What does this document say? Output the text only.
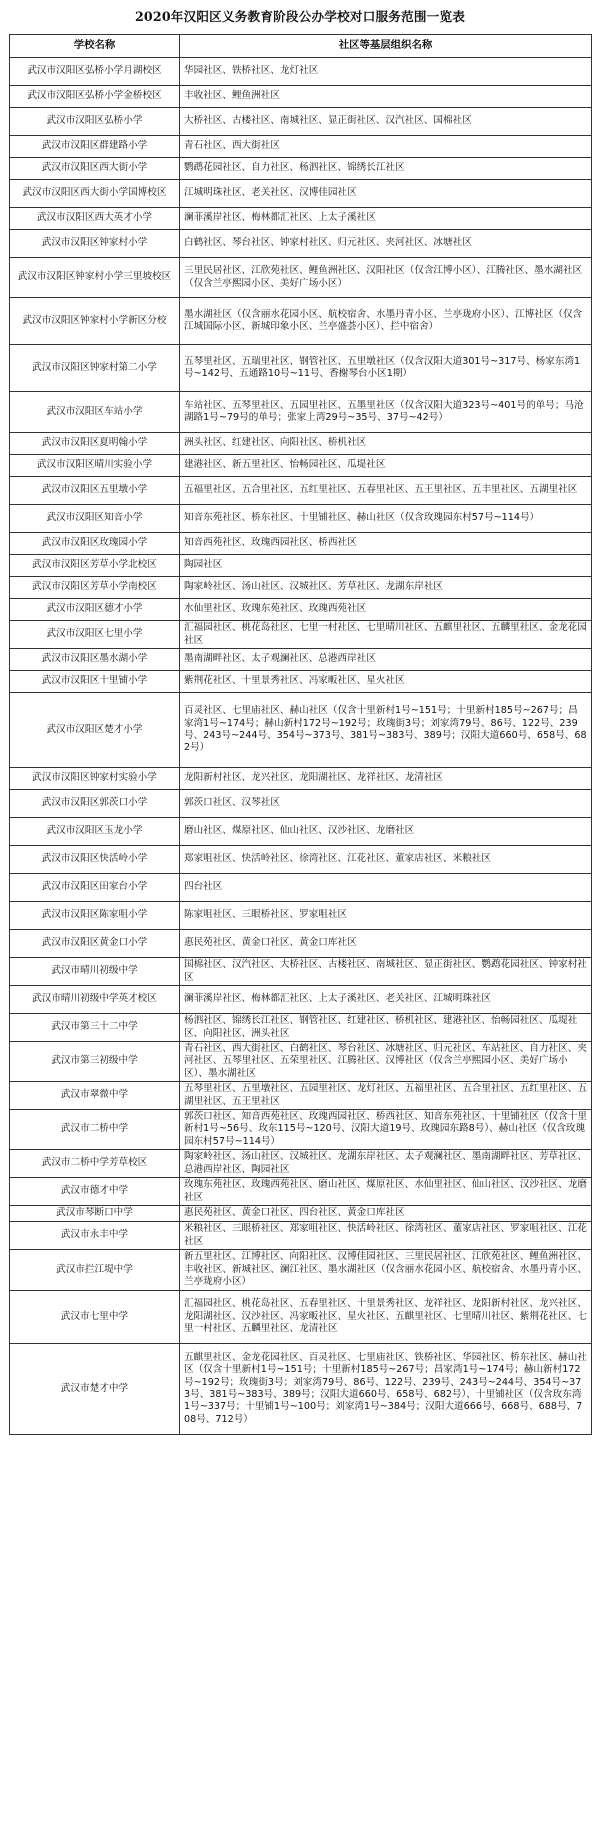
2020年汉阳区义务教育阶段公办学校对口服务范围一览表
学校名称	社区等基层组织名称
武汉市汉阳区弘桥小学月湖校区	华园社区、铁桥社区、龙灯社区
武汉市汉阳区弘桥小学金桥校区	丰收社区、鲤鱼洲社区
武汉市汉阳区弘桥小学	大桥社区、古楼社区、南城社区、显正街社区、汉汽社区、国棉社区
武汉市汉阳区群建路小学	青石社区、西大街社区
武汉市汉阳区西大街小学	鹦鹉花园社区、自力社区、杨泗社区、锦绣长江社区
武汉市汉阳区西大街小学国博校区	江城明珠社区、老关社区、汉博佳园社区
武汉市汉阳区西大英才小学	澜菲溪岸社区、梅林都汇社区、上太子溪社区
武汉市汉阳区钟家村小学	白鹤社区、琴台社区、钟家村社区、归元社区、夹河社区、冰塘社区
武汉市汉阳区钟家村小学三里坡校区	三里民居社区、江欣苑社区、鲤鱼洲社区、汉阳社区（仅含江博小区）、江腾社区、墨水湖社区（仅含兰亭熙园小区、美好广场小区）
武汉市汉阳区钟家村小学新区分校	墨水湖社区（仅含丽水花园小区、航校宿舍、水墨丹青小区、兰亭珑府小区）、江博社区（仅含江城国际小区、新城印象小区、兰亭盛荟小区）、拦中宿舍）
武汉市汉阳区钟家村第二小学	五琴里社区、五瑞里社区、钢管社区、五里墩社区（仅含汉阳大道301号~317号、杨家东湾1号~142号、五通路10号~11号、香榭琴台小区1期）
武汉市汉阳区车站小学	车站社区、五琴里社区、五园里社区、五墨里社区（仅含汉阳大道323号~401号的单号；马沧湖路1号~79号的单号；张家上湾29号~35号、37号~42号）
武汉市汉阳区夏明翰小学	洲头社区、红建社区、向阳社区、桥机社区
武汉市汉阳区晴川实验小学	建港社区、新五里社区、怡畅园社区、瓜堤社区
武汉市汉阳区五里墩小学	五福里社区、五合里社区、五红里社区、五春里社区、五王里社区、五丰里社区、五湖里社区
武汉市汉阳区知音小学	知音东苑社区、桥东社区、十里铺社区、赫山社区（仅含玫瑰园东村57号~114号）
武汉市汉阳区玫瑰园小学	知音西苑社区、玫瑰西园社区、桥西社区
武汉市汉阳区芳草小学北校区	陶园社区
武汉市汉阳区芳草小学南校区	陶家岭社区、汤山社区、汉城社区、芳草社区、龙湖东岸社区
武汉市汉阳区德才小学	水仙里社区、玫瑰东苑社区、玫瑰西苑社区
武汉市汉阳区七里小学	汇福园社区、桃花岛社区、七里一村社区、七里晴川社区、五麒里社区、五麟里社区、金龙花园社区
武汉市汉阳区墨水湖小学	墨南湖畔社区、太子观澜社区、总港西岸社区
武汉市汉阳区十里铺小学	紫荆花社区、十里景秀社区、冯家畈社区、星火社区
武汉市汉阳区楚才小学	百灵社区、七里庙社区、赫山社区（仅含十里新村1号~151号；十里新村185号~267号；昌家湾1号~174号；赫山新村172号~192号；玫瑰街3号；刘家湾79号、86号、122号、239号、243号~244号、354号~373号、381号~383号、389号；汉阳大道660号、658号、682号）
武汉市汉阳区钟家村实验小学	龙阳新村社区、龙兴社区、龙阳湖社区、龙祥社区、龙清社区
武汉市汉阳区郭茨口小学	郭茨口社区、汉琴社区
武汉市汉阳区玉龙小学	磨山社区、煤原社区、仙山社区、汉沙社区、龙磨社区
武汉市汉阳区快活岭小学	郑家咀社区、快活岭社区、徐湾社区、江花社区、董家店社区、米粮社区
武汉市汉阳区田家台小学	四台社区
武汉市汉阳区陈家咀小学	陈家咀社区、三眼桥社区、罗家咀社区
武汉市汉阳区黄金口小学	惠民苑社区、黄金口社区、黄金口库社区
武汉市晴川初级中学	国棉社区、汉汽社区、大桥社区、古楼社区、南城社区、显正街社区、鹦鹉花园社区、钟家村社区
武汉市晴川初级中学英才校区	澜菲溪岸社区、梅林都汇社区、上太子溪社区、老关社区、江城明珠社区
武汉市第三十二中学	杨泗社区、锦绣长江社区、钢管社区、红建社区、桥机社区、建港社区、怡畅园社区、瓜堤社区、向阳社区、洲头社区
武汉市第三初级中学	青石社区、西大街社区、白鹤社区、琴台社区、冰塘社区、归元社区、车站社区、自力社区、夹河社区、五琴里社区、五荣里社区、江腾社区、汉博社区（仅含兰亭熙园小区、美好广场小区）、墨水湖社区
武汉市翠微中学	五琴里社区、五里墩社区、五园里社区、龙灯社区、五福里社区、五合里社区、五红里社区、五湖里社区、五王里社区
武汉市二桥中学	郭茨口社区、知音西苑社区、玫瑰西园社区、桥西社区、知音东苑社区、十里铺社区（仅含十里新村1号~56号、玫东115号~120号、汉阳大道19号、玫瑰园东路8号）、赫山社区（仅含玫瑰园东村57号~114号）
武汉市二桥中学芳草校区	陶家岭社区、汤山社区、汉城社区、龙湖东岸社区、太子观澜社区、墨南湖畔社区、芳草社区、总港西岸社区、陶园社区
武汉市德才中学	玫瑰东苑社区、玫瑰西苑社区、磨山社区、煤原社区、水仙里社区、仙山社区、汉沙社区、龙磨社区
武汉市琴断口中学	惠民苑社区、黄金口社区、四台社区、黄金口库社区
武汉市永丰中学	米粮社区、三眼桥社区、郑家咀社区、快活岭社区、徐湾社区、董家店社区、罗家咀社区、江花社区
武汉市拦江堤中学	新五里社区、江博社区、向阳社区、汉博佳园社区、三里民居社区、江欣苑社区、鲤鱼洲社区、丰收社区、新城社区、澜江社区、墨水湖社区（仅含丽水花园小区、航校宿舍、水墨丹青小区、兰亭珑府小区）
武汉市七里中学	汇福园社区、桃花岛社区、五春里社区、十里景秀社区、龙祥社区、龙阳新村社区、龙兴社区、龙阳湖社区、汉沙社区、冯家畈社区、星火社区、五麒里社区、七里晴川社区、紫荆花社区、七里一村社区、五麟里社区、龙清社区
武汉市楚才中学	五麒里社区、金龙花园社区、百灵社区、七里庙社区、铁桥社区、华园社区、桥东社区、赫山社区（仅含十里新村1号~151号；十里新村185号~267号；昌家湾1号~174号；赫山新村172号~192号；玫瑰街3号；刘家湾79号、86号、122号、239号、243号~244号、354号~373号、381号~383号、389号；汉阳大道660号、658号、682号）、十里铺社区（仅含玫东湾1号~337号；十里铺1号~100号；刘家湾1号~384号；汉阳大道666号、668号、688号、708号、712号）
